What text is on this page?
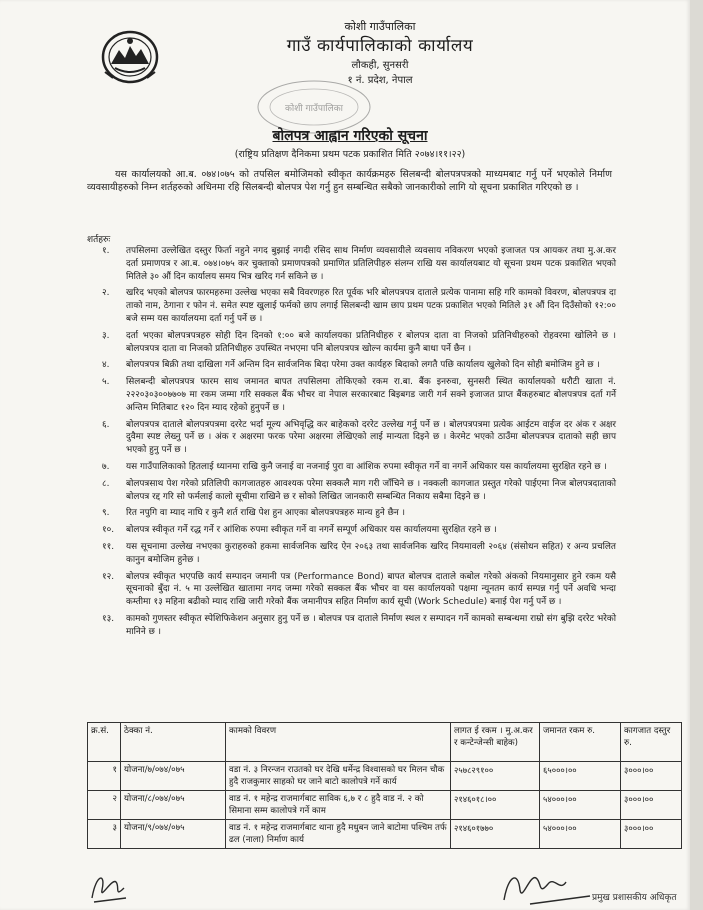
कोशी गाउँपालिका
गाउँ कार्यपालिकाको कार्यालय
लौकही, सुनसरी
१ नं. प्रदेश, नेपाल
कोशी गाउँपालिका
बोलपत्र आह्वान गरिएको सूचना
(राष्ट्रिय प्रतिक्षण दैनिकमा प्रथम पटक प्रकाशित मिति २०७४।११।२२)
यस कार्यालयको आ.ब. ०७४।०७५ को तपसिल बमोजिमको स्वीकृत कार्यक्रमहरु सिलबन्दी बोलपत्रपत्रको माध्यमबाट गर्नु पर्ने भएकोले निर्माण व्यवसायीहरुको निम्न शर्तहरुको अधिनमा रहि सिलबन्दी बोलपत्र पेश गर्नु हुन सम्बन्धित सबैको जानकारीको लागि यो सूचना प्रकाशित गरिएको छ ।
शर्तहरुः
१.	तपसिलमा उल्लेखित दस्तुर फिर्ता नहुने नगद बुझाई नगदी रसिद साथ निर्माण व्यवसायीले व्यवसाय नविकरण भएको इजाजत पत्र आयकर तथा मु.अ.कर दर्ता प्रमाणपत्र र आ.ब. ०७४।०७५ कर चुक्ताको प्रमाणपत्रको प्रमाणित प्रतिलिपीहरु संलग्न राखि यस कार्यालयबाट यो सूचना प्रथम पटक प्रकाशित भएको मितिले ३० औं दिन कार्यालय समय भित्र खरिद गर्न सकिने छ ।
२.	खरिद भएको बोलपत्र फारमहरुमा उल्लेख भएका सबै विवरणहरु रित पूर्वक भरि बोलपत्रपत्र दाताले प्रत्येक पानामा सहि गरि कामको विवरण, बोलपत्रपत्र दा ताको नाम, ठेगाना र फोन नं. समेत स्पष्ट खुलाई फर्मको छाप लगाई सिलबन्दी खाम छाप प्रथम पटक प्रकाशित भएको मितिले ३१ औं दिन दिउँसोको १२:०० बजे सम्म यस कार्यालयमा दर्ता गर्नु पर्ने छ ।
३.	दर्ता भएका बोलपत्रपत्रहरु सोही दिन दिनको १:०० बजे कार्यालयका प्रतिनिधीहरु र बोलपत्र दाता वा निजको प्रतिनिधीहरुको रोहवरमा खोलिने छ । बोलपत्रपत्र दाता वा निजको प्रतिनिधीहरु उपस्थित नभएमा पनि बोलपत्रपत्र खोल्न कार्यमा कुनै बाधा पर्ने छैन ।
४.	बोलपत्रपत्र बिक्री तथा दाखिला गर्ने अन्तिम दिन सार्वजनिक बिदा परेमा उक्त कार्यहरु बिदाको लगतै पछि कार्यालय खुलेको दिन सोही बमोजिम हुने छ ।
५.	सिलबन्दी बोलपत्रपत्र फारम साथ जमानत बापत तपसिलमा तोकिएको रकम रा.बा. बैंक इनरुवा, सुनसरी स्थित कार्यालयको धरौटी खाता नं. २२२०३०३००७७०७ मा रकम जम्मा गरि सक्कल बैंक भौचर वा नेपाल सरकारबाट बिइबगड जारी गर्न सक्ने इजाजत प्राप्त बैंकहरुबाट बोलपत्रपत्र दर्ता गर्ने अन्तिम मितिबाट १२० दिन म्याद रहेको हुनुपर्ने छ ।
६.	बोलपत्रपत्र दाताले बोलपत्रपत्रमा दररेट भर्दा मूल्य अभिवृद्धि कर बाहेकको दररेट उल्लेख गर्नु पर्ने छ । बोलपत्रपत्रमा प्रत्येक आईटम वाईज दर अंक र अक्षर दुवैमा स्पष्ट लेख्नु पर्ने छ । अंक र अक्षरमा फरक परेमा अक्षरमा लेखिएको लाई मान्यता दिइने छ । केरमेट भएको ठाउँमा बोलपत्रपत्र दाताको सही छाप भएको हुनु पर्ने छ ।
७.	यस गाउँपालिकाको हितलाई ध्यानमा राखि कुनै जनाई वा नजनाई पुरा वा आंशिक रुपमा स्वीकृत गर्ने वा नगर्ने अधिकार यस कार्यालयमा सुरक्षित रहने छ ।
८.	बोलपत्रसाथ पेश गरेको प्रतिलिपी कागजातहरु आवश्यक परेमा सक्कलै माग गरी जाँचिने छ । नक्कली कागजात प्रस्तुत गरेको पाईएमा निज बोलपत्रदाताको बोलपत्र रद्द गरि सो फर्मलाई कालो सूचीमा राखिने छ र सोको लिखित जानकारी सम्बन्धित निकाय सबैमा दिइने छ ।
९.	रित नपुगि वा म्याद नाघि र कुनै शर्त राखि पेश हुन आएका बोलपत्रपत्रहरु मान्य हुने छैन ।
१०.	बोलपत्र स्वीकृत गर्ने रद्ध गर्ने र आंशिक रुपमा स्वीकृत गर्ने वा नगर्ने सम्पूर्ण अधिकार यस कार्यालयमा सुरक्षित रहने छ ।
११.	यस सूचनामा उल्लेख नभएका कुराहरुको हकमा सार्वजनिक खरिद ऐन २०६३ तथा सार्वजनिक खरिद नियमावली २०६४ (संसोधन सहित) र अन्य प्रचलित कानुन बमोजिम हुनेछ ।
१२.	बोलपत्र स्वीकृत भएपछि कार्य सम्पादन जमानी पत्र (Performance Bond) बापत बोलपत्र दाताले कबोल गरेको अंकको नियमानुसार हुने रकम यसै सूचनाको बुँदा नं. ५ मा उल्लेखित खातामा नगद जम्मा गरेको सक्कल बैंक भौचर वा यस कार्यालयको पक्षमा न्यूनतम कार्य सम्पन्न गर्नु पर्ने अवधि भन्दा कम्तीमा १३ महिना बढीको म्याद राखि जारी गरेको बैंक जमानीपत्र सहित निर्माण कार्य सूची (Work Schedule) बनाई पेश गर्नु पर्ने छ ।
१३.	कामको गुणस्तर स्वीकृत स्पेशिफिकेशन अनुसार हुनु पर्ने छ । बोलपत्र पत्र दाताले निर्माण स्थल र सम्पादन गर्ने कामको सम्बन्धमा राम्रो संग बुझि दररेट भरेको मानिने छ ।
क्र.सं.	ठेक्का नं.	कामको विवरण	लागत ई रकम । मु.अ.कर र कन्टेन्जेन्सी बाहेक)	जमानत रकम रु.	कागजात दस्तुर रु.
१	योजना/७/०७४/०७५	वडा नं. ३ निरन्जन राउतको घर देखि धर्मेन्द्र विश्वासको घर मिलन चौक हुदै राजकुमार साहको घर जाने बाटो कालोपत्रे गर्ने कार्य	२५७८२९१००	६५०००।००	३०००।००
२	योजना/८/०७४/०७५	वाड नं. १ महेन्द्र राजमार्गबाट साविक ६,७ र ८ हुदै वाड नं. २ को सिमाना सम्म कालोपत्रे गर्ने काम	२१४६०१८।००	५४०००।००	३०००।००
३	योजना/९/०७४/०७५	वाड नं. १ महेन्द्र राजमार्गबाट थाना हुदै मधुबन जाने बाटोमा पश्चिम तर्फ ढल (नाला) निर्माण कार्य	२१४६०१७७०	५४०००।००	३०००।००
प्रमुख प्रशासकीय अधिकृत
